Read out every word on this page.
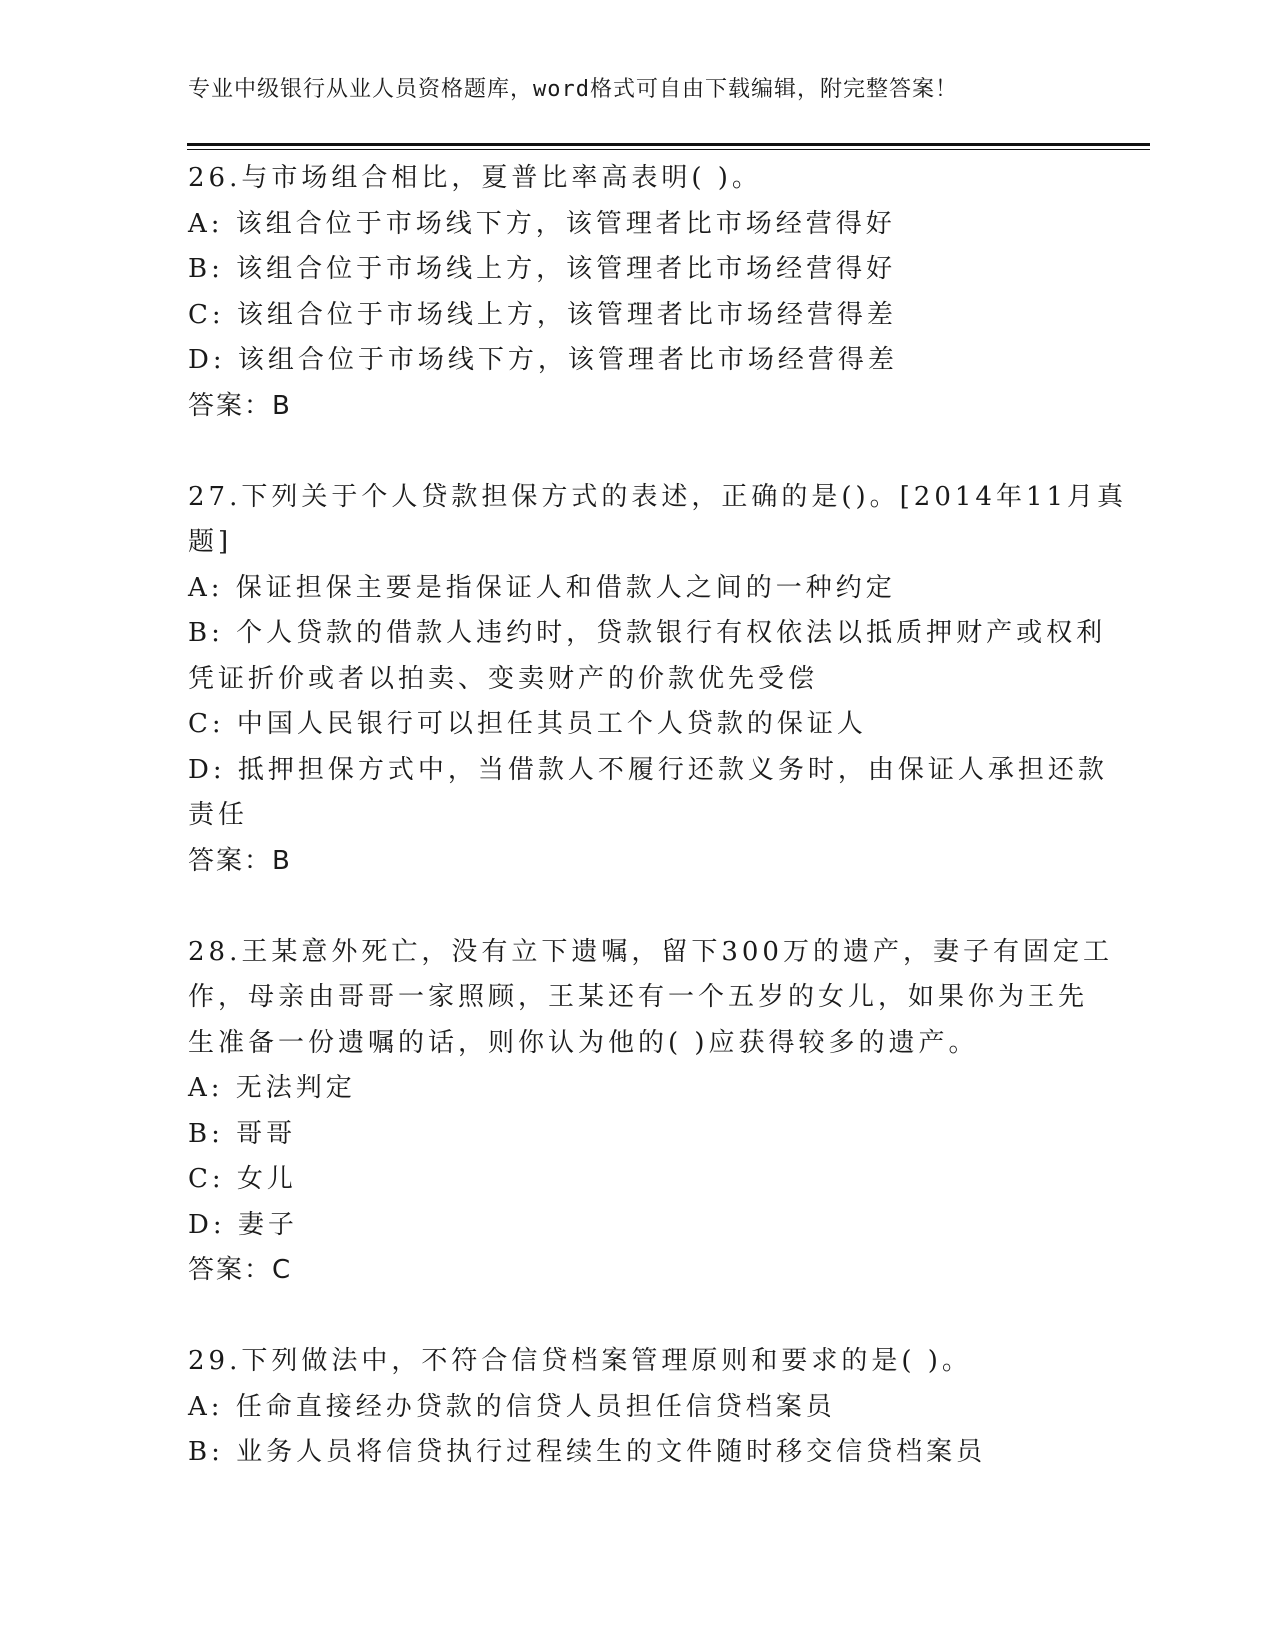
专业中级银行从业人员资格题库，word格式可自由下载编辑，附完整答案！
26.与市场组合相比，夏普比率高表明( )。
A: 该组合位于市场线下方，该管理者比市场经营得好
B: 该组合位于市场线上方，该管理者比市场经营得好
C: 该组合位于市场线上方，该管理者比市场经营得差
D: 该组合位于市场线下方，该管理者比市场经营得差
答案：B
27.下列关于个人贷款担保方式的表述，正确的是()。[2014年11月真
题]
A: 保证担保主要是指保证人和借款人之间的一种约定
B: 个人贷款的借款人违约时，贷款银行有权依法以抵质押财产或权利
凭证折价或者以拍卖、变卖财产的价款优先受偿
C: 中国人民银行可以担任其员工个人贷款的保证人
D: 抵押担保方式中，当借款人不履行还款义务时，由保证人承担还款
责任
答案：B
28.王某意外死亡，没有立下遗嘱，留下300万的遗产，妻子有固定工
作，母亲由哥哥一家照顾，王某还有一个五岁的女儿，如果你为王先
生准备一份遗嘱的话，则你认为他的( )应获得较多的遗产。
A: 无法判定
B: 哥哥
C: 女儿
D: 妻子
答案：C
29.下列做法中，不符合信贷档案管理原则和要求的是( )。
A: 任命直接经办贷款的信贷人员担任信贷档案员
B: 业务人员将信贷执行过程续生的文件随时移交信贷档案员
